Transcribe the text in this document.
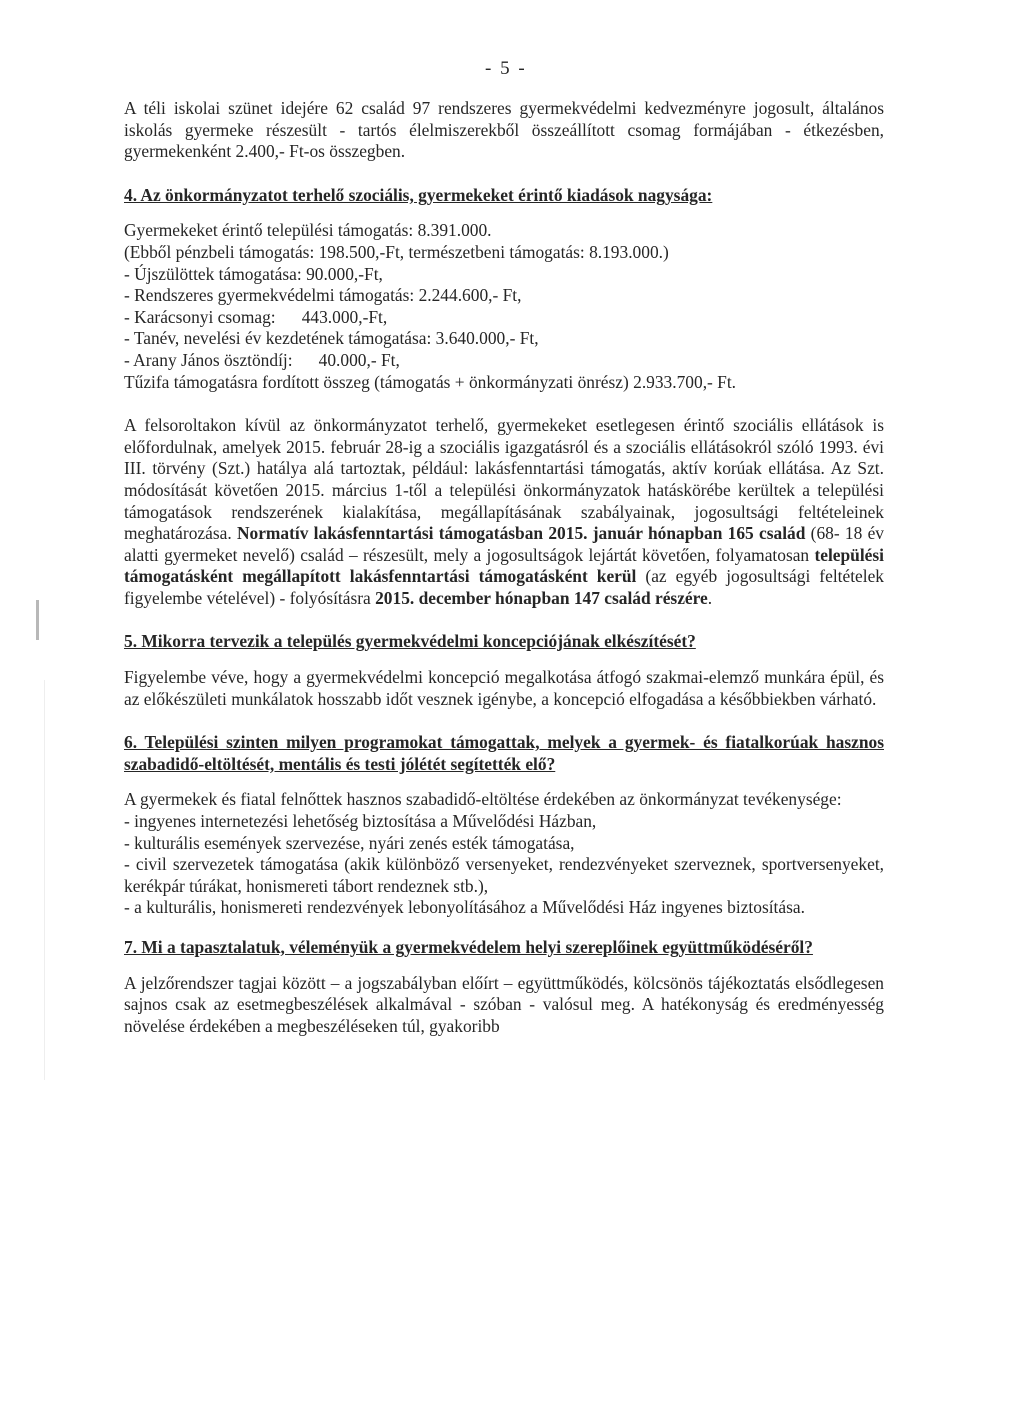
- 5 -

A téli iskolai szünet idejére 62 család 97 rendszeres gyermekvédelmi kedvezményre jogosult, általános iskolás gyermeke részesült - tartós élelmiszerekből összeállított csomag formájában - étkezésben, gyermekenként 2.400,- Ft-os összegben.

4. Az önkormányzatot terhelő szociális, gyermekeket érintő kiadások nagysága:

Gyermekeket érintő települési támogatás: 8.391.000.
(Ebből pénzbeli támogatás: 198.500,-Ft, természetbeni támogatás: 8.193.000.)
- Újszülöttek támogatása: 90.000,-Ft,
- Rendszeres gyermekvédelmi támogatás: 2.244.600,- Ft,
- Karácsonyi csomag:      443.000,-Ft,
- Tanév, nevelési év kezdetének támogatása: 3.640.000,- Ft,
- Arany János ösztöndíj:      40.000,- Ft,
Tűzifa támogatásra fordított összeg (támogatás + önkormányzati önrész) 2.933.700,- Ft.

A felsoroltakon kívül az önkormányzatot terhelő, gyermekeket esetlegesen érintő szociális ellátások is előfordulnak, amelyek 2015. február 28-ig a szociális igazgatásról és a szociális ellátásokról szóló 1993. évi III. törvény (Szt.) hatálya alá tartoztak, például: lakásfenntartási támogatás, aktív korúak ellátása. Az Szt. módosítását követően 2015. március 1-től a települési önkormányzatok hatáskörébe kerültek a települési támogatások rendszerének kialakítása, megállapításának szabályainak, jogosultsági feltételeinek meghatározása. Normatív lakásfenntartási támogatásban 2015. január hónapban 165 család (68- 18 év alatti gyermeket nevelő) család – részesült, mely a jogosultságok lejártát követően, folyamatosan települési támogatásként megállapított lakásfenntartási támogatásként kerül (az egyéb jogosultsági feltételek figyelembe vételével) - folyósításra 2015. december hónapban 147 család részére.

5. Mikorra tervezik a település gyermekvédelmi koncepciójának elkészítését?

Figyelembe véve, hogy a gyermekvédelmi koncepció megalkotása átfogó szakmai-elemző munkára épül, és az előkészületi munkálatok hosszabb időt vesznek igénybe, a koncepció elfogadása a későbbiekben várható.

6. Települési szinten milyen programokat támogattak, melyek a gyermek- és fiatalkorúak hasznos szabadidő-eltöltését, mentális és testi jólétét segítették elő?

A gyermekek és fiatal felnőttek hasznos szabadidő-eltöltése érdekében az önkormányzat tevékenysége:

- ingyenes internetezési lehetőség biztosítása a Művelődési Házban,
- kulturális események szervezése, nyári zenés esték támogatása,
- civil szervezetek támogatása (akik különböző versenyeket, rendezvényeket szerveznek, sportversenyeket, kerékpár túrákat, honismereti tábort rendeznek stb.),
- a kulturális, honismereti rendezvények lebonyolításához a Művelődési Ház ingyenes biztosítása.

7. Mi a tapasztalatuk, véleményük a gyermekvédelem helyi szereplőinek együttműködéséről?

A jelzőrendszer tagjai között – a jogszabályban előírt – együttműködés, kölcsönös tájékoztatás elsődlegesen sajnos csak az esetmegbeszélések alkalmával - szóban - valósul meg. A hatékonyság és eredményesség növelése érdekében a megbeszéléseken túl, gyakoribb
